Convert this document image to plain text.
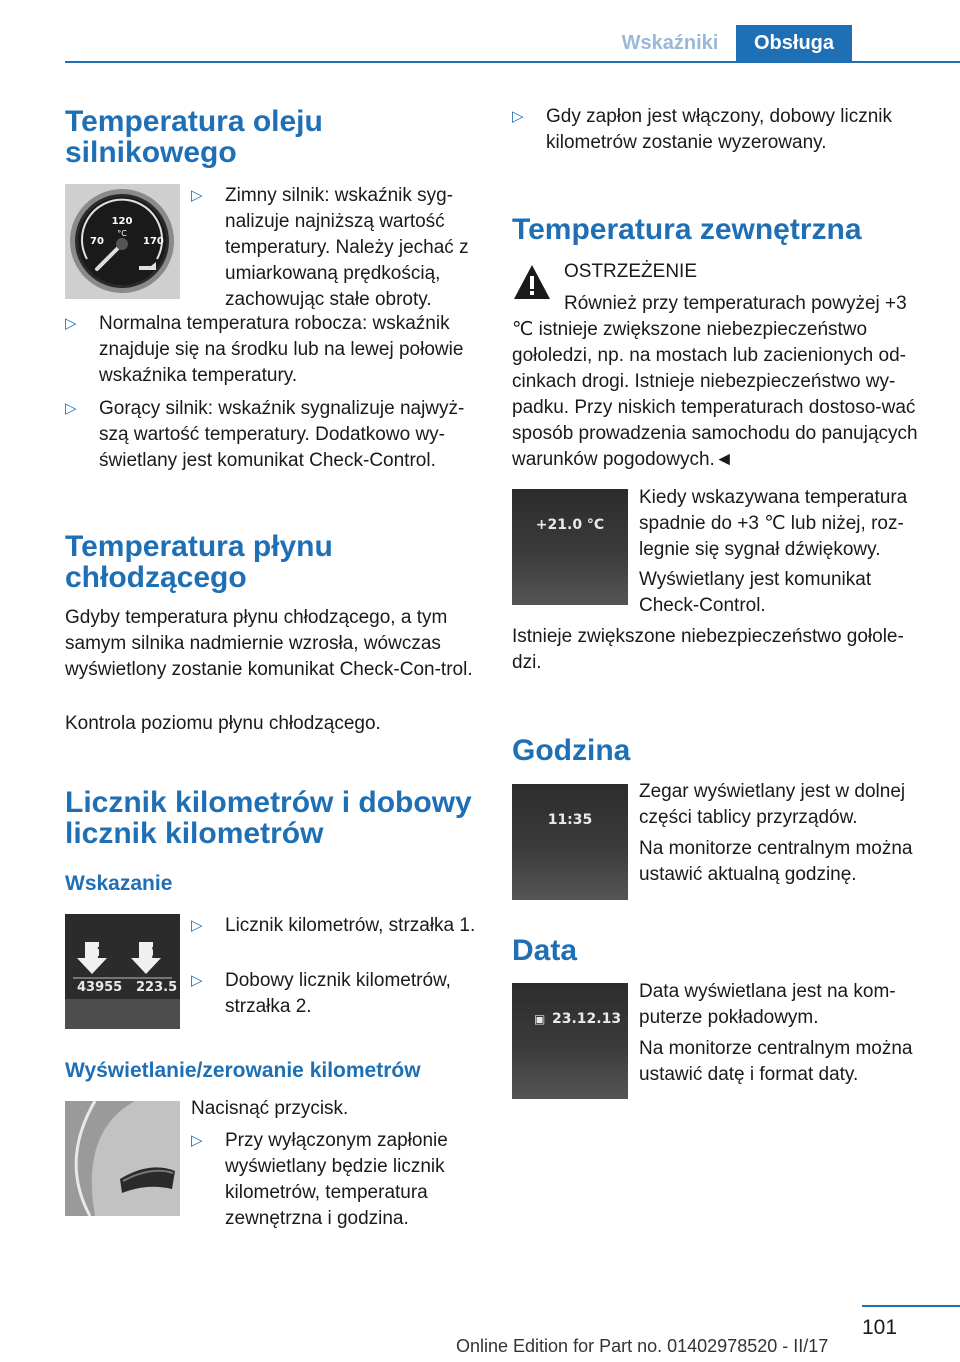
Wskaźniki	Obsługa
Temperatura oleju
silnikowego
120
°C
70	170
▷ Zimny silnik: wskaźnik syg-nalizuje najniższą wartość temperatury. Należy jechać z umiarkowaną prędkością, zachowując stałe obroty.
▷ Normalna temperatura robocza: wskaźnik znajduje się na środku lub na lewej połowie wskaźnika temperatury.
▷ Gorący silnik: wskaźnik sygnalizuje najwyż-szą wartość temperatury. Dodatkowo wy-świetlany jest komunikat Check-Control.
Temperatura płynu
chłodzącego

Gdyby temperatura płynu chłodzącego, a tym samym silnika nadmiernie wzrosła, wówczas wyświetlony zostanie komunikat Check-Con-trol.

Kontrola poziomu płynu chłodzącego.

Licznik kilometrów i dobowy
licznik kilometrów
Wskazanie
1	2
43955 223.5
▷ Licznik kilometrów, strzałka 1.
▷ Dobowy licznik kilometrów, strzałka 2.
Wyświetlanie/zerowanie kilometrów

Nacisnąć przycisk.

▷ Przy wyłączonym zapłonie wyświetlany będzie licznik kilometrów, temperatura zewnętrzna i godzina.
▷ Gdy zapłon jest włączony, dobowy licznik kilometrów zostanie wyzerowany.
Temperatura zewnętrzna

OSTRZEŻENIE

Również przy temperaturach powyżej +3 ℃ istnieje zwiększone niebezpieczeństwo gołoledzi, np. na mostach lub zacienionych od-cinkach drogi. Istnieje niebezpieczeństwo wy-padku. Przy niskich temperaturach dostoso-wać sposób prowadzenia samochodu do panujących warunków pogodowych.◄

+21.0 °C

Kiedy wskazywana temperatura spadnie do +3 ℃ lub niżej, roz-legnie się sygnał dźwiękowy.

Wyświetlany jest komunikat Check-Control.

Istnieje zwiększone niebezpieczeństwo gołole-dzi.

Godzina
11:35

Zegar wyświetlany jest w dolnej części tablicy przyrządów.

Na monitorze centralnym można ustawić aktualną godzinę.

Data
▣ 23.12.13

Data wyświetlana jest na kom-puterze pokładowym.

Na monitorze centralnym można ustawić datę i format daty.

101
Online Edition for Part no. 01402978520 - II/17
